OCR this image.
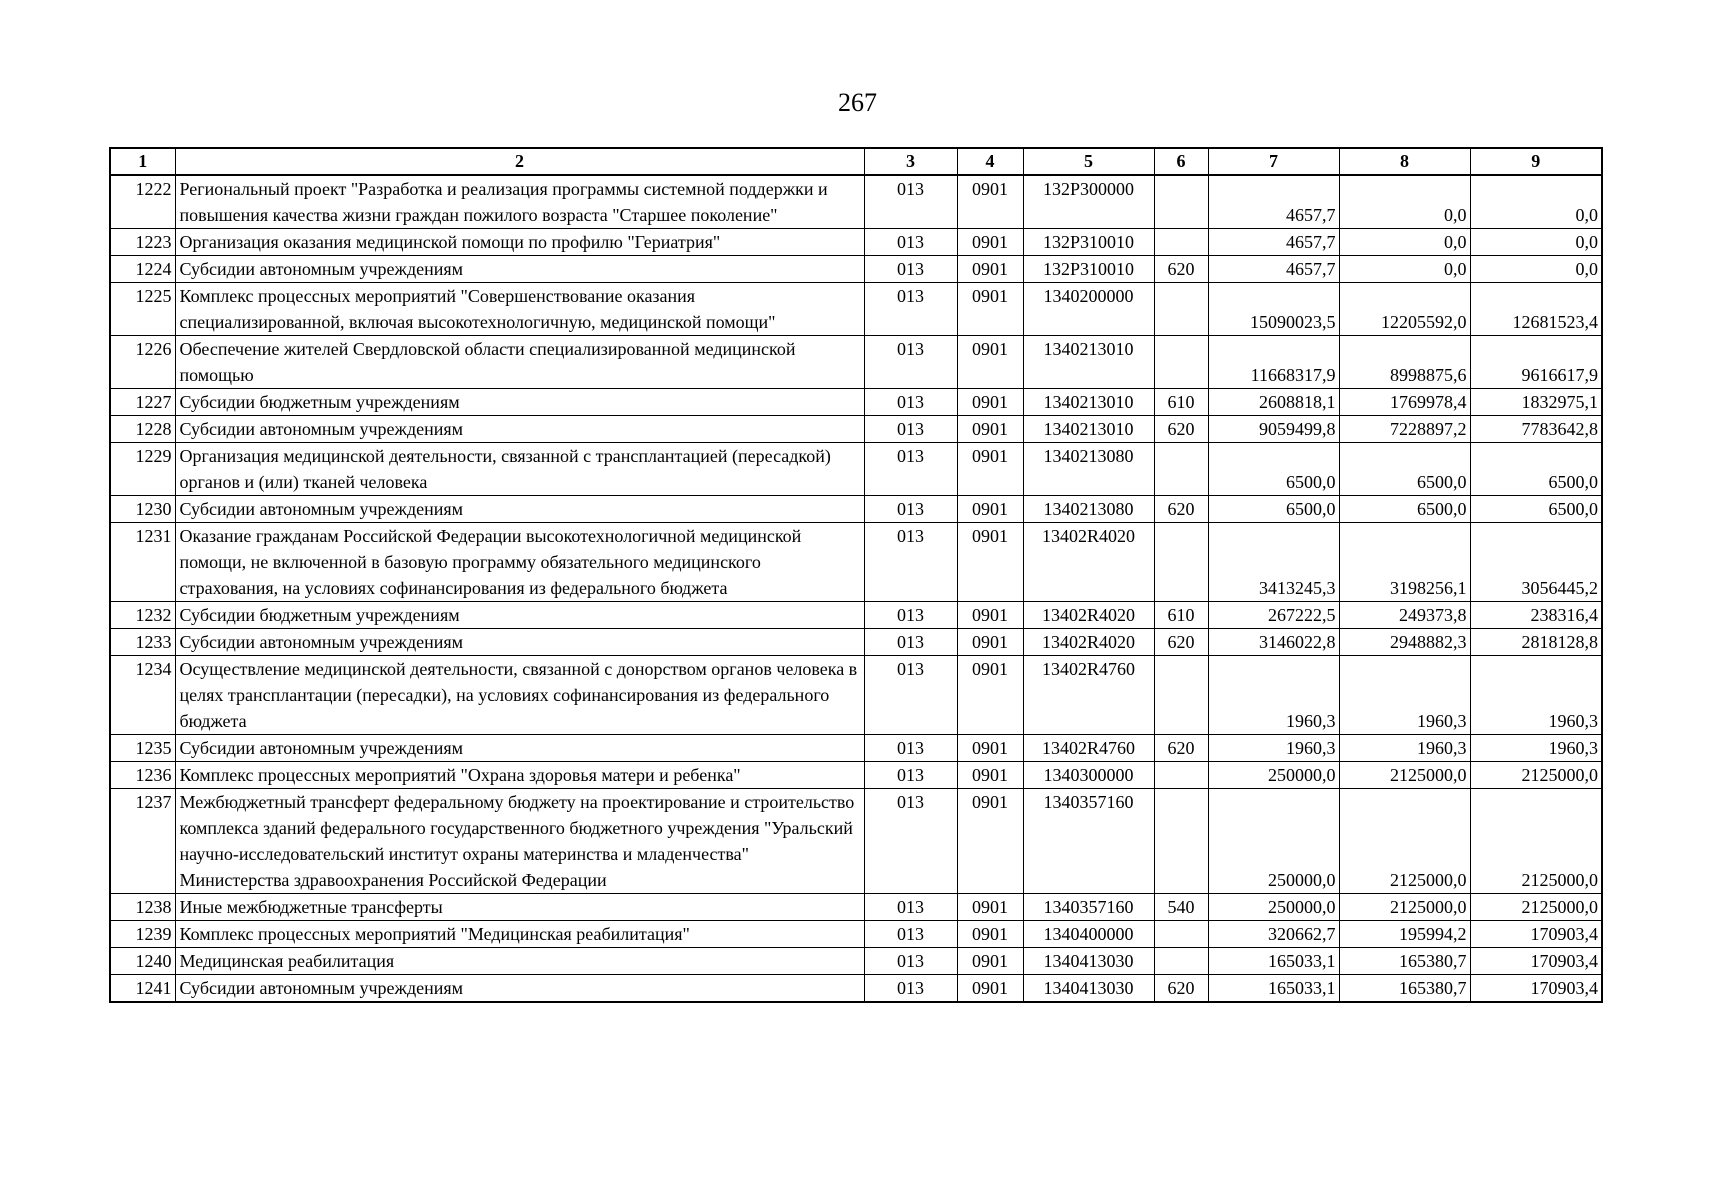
267
1	2	3	4	5	6	7	8	9
1222	Региональный проект "Разработка и реализация программы системной поддержки и повышения качества жизни граждан пожилого возраста "Старшее поколение"	013	0901	132P300000		4657,7	0,0	0,0
1223	Организация оказания медицинской помощи по профилю "Гериатрия"	013	0901	132P310010		4657,7	0,0	0,0
1224	Субсидии автономным учреждениям	013	0901	132P310010	620	4657,7	0,0	0,0
1225	Комплекс процессных мероприятий "Совершенствование оказания специализированной, включая высокотехнологичную, медицинской помощи"	013	0901	1340200000		15090023,5	12205592,0	12681523,4
1226	Обеспечение жителей Свердловской области специализированной медицинской помощью	013	0901	1340213010		11668317,9	8998875,6	9616617,9
1227	Субсидии бюджетным учреждениям	013	0901	1340213010	610	2608818,1	1769978,4	1832975,1
1228	Субсидии автономным учреждениям	013	0901	1340213010	620	9059499,8	7228897,2	7783642,8
1229	Организация медицинской деятельности, связанной с трансплантацией (пересадкой) органов и (или) тканей человека	013	0901	1340213080		6500,0	6500,0	6500,0
1230	Субсидии автономным учреждениям	013	0901	1340213080	620	6500,0	6500,0	6500,0
1231	Оказание гражданам Российской Федерации высокотехнологичной медицинской помощи, не включенной в базовую программу обязательного медицинского страхования, на условиях софинансирования из федерального бюджета	013	0901	13402R4020		3413245,3	3198256,1	3056445,2
1232	Субсидии бюджетным учреждениям	013	0901	13402R4020	610	267222,5	249373,8	238316,4
1233	Субсидии автономным учреждениям	013	0901	13402R4020	620	3146022,8	2948882,3	2818128,8
1234	Осуществление медицинской деятельности, связанной с донорством органов человека в целях трансплантации (пересадки), на условиях софинансирования из федерального бюджета	013	0901	13402R4760		1960,3	1960,3	1960,3
1235	Субсидии автономным учреждениям	013	0901	13402R4760	620	1960,3	1960,3	1960,3
1236	Комплекс процессных мероприятий "Охрана здоровья матери и ребенка"	013	0901	1340300000		250000,0	2125000,0	2125000,0
1237	Межбюджетный трансферт федеральному бюджету на проектирование и строительство комплекса зданий федерального государственного бюджетного учреждения "Уральский научно-исследовательский институт охраны материнства и младенчества" Министерства здравоохранения Российской Федерации	013	0901	1340357160		250000,0	2125000,0	2125000,0
1238	Иные межбюджетные трансферты	013	0901	1340357160	540	250000,0	2125000,0	2125000,0
1239	Комплекс процессных мероприятий "Медицинская реабилитация"	013	0901	1340400000		320662,7	195994,2	170903,4
1240	Медицинская реабилитация	013	0901	1340413030		165033,1	165380,7	170903,4
1241	Субсидии автономным учреждениям	013	0901	1340413030	620	165033,1	165380,7	170903,4
